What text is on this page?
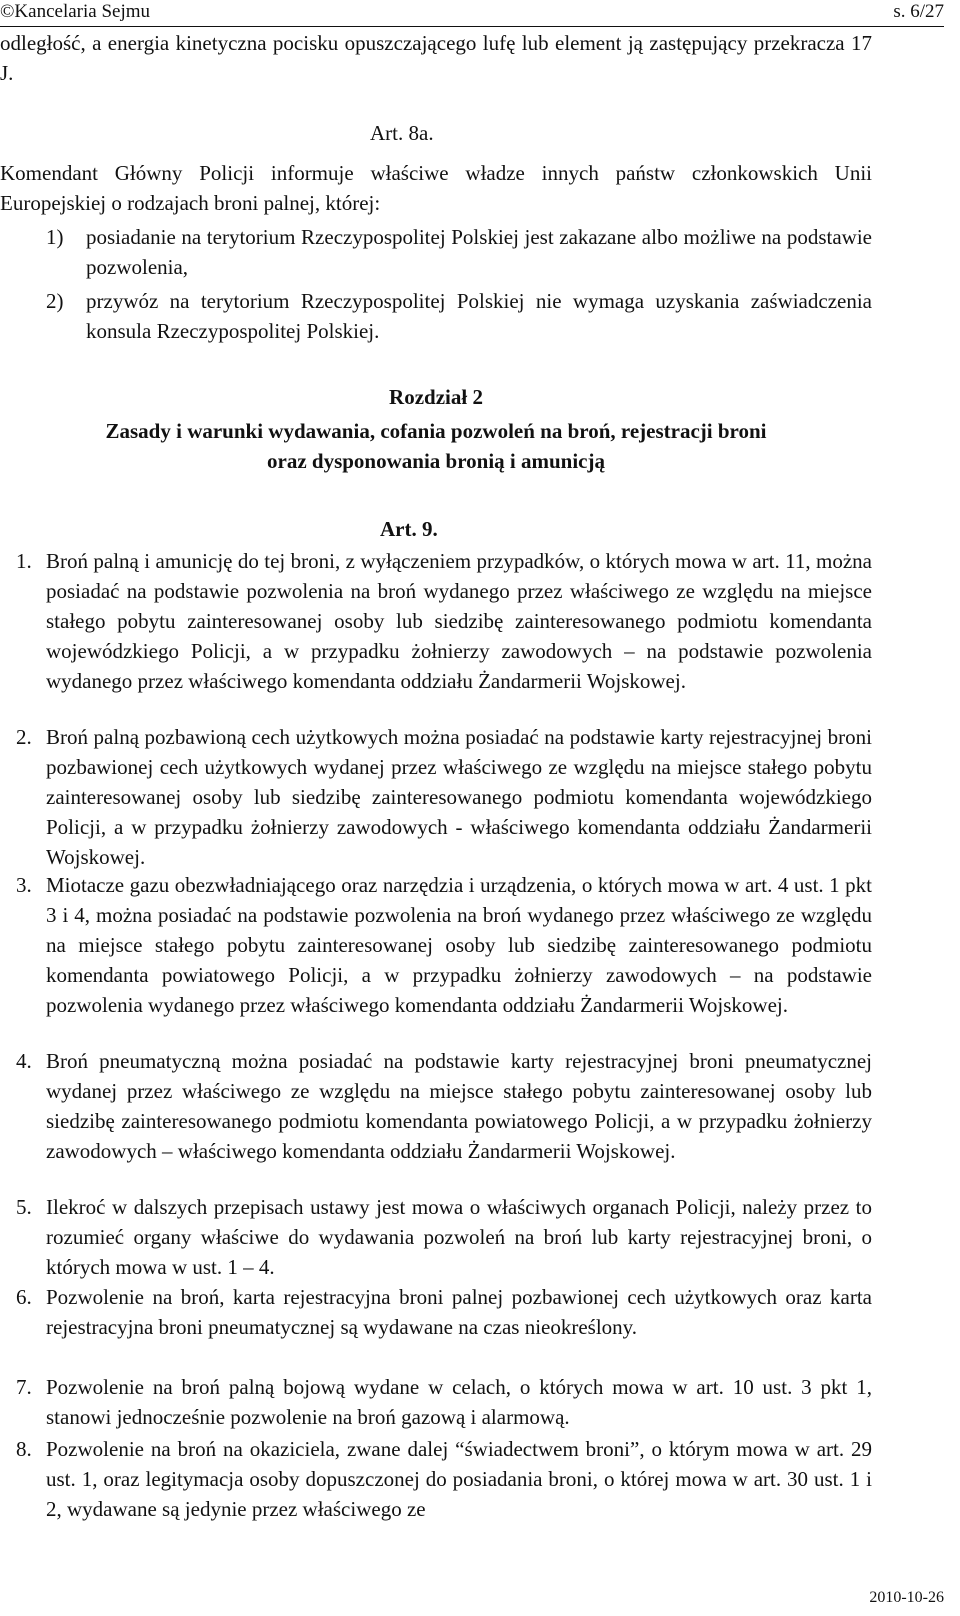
©Kancelaria Sejmu	s. 6/27
odległość, a energia kinetyczna pocisku opuszczającego lufę lub element ją zastępujący przekracza 17 J.
Art. 8a.
Komendant Główny Policji informuje właściwe władze innych państw członkowskich Unii Europejskiej o rodzajach broni palnej, której:
1) posiadanie na terytorium Rzeczypospolitej Polskiej jest zakazane albo możliwe na podstawie pozwolenia,
2) przywóz na terytorium Rzeczypospolitej Polskiej nie wymaga uzyskania zaświadczenia konsula Rzeczypospolitej Polskiej.
Rozdział 2
Zasady i warunki wydawania, cofania pozwoleń na broń, rejestracji broni
oraz dysponowania bronią i amunicją
Art. 9.
1. Broń palną i amunicję do tej broni, z wyłączeniem przypadków, o których mowa w art. 11, można posiadać na podstawie pozwolenia na broń wydanego przez właściwego ze względu na miejsce stałego pobytu zainteresowanej osoby lub siedzibę zainteresowanego podmiotu komendanta wojewódzkiego Policji, a w przypadku żołnierzy zawodowych – na podstawie pozwolenia wydanego przez właściwego komendanta oddziału Żandarmerii Wojskowej.
2. Broń palną pozbawioną cech użytkowych można posiadać na podstawie karty rejestracyjnej broni pozbawionej cech użytkowych wydanej przez właściwego ze względu na miejsce stałego pobytu zainteresowanej osoby lub siedzibę zainteresowanego podmiotu komendanta wojewódzkiego Policji, a w przypadku żołnierzy zawodowych - właściwego komendanta oddziału Żandarmerii Wojskowej.
3. Miotacze gazu obezwładniającego oraz narzędzia i urządzenia, o których mowa w art. 4 ust. 1 pkt 3 i 4, można posiadać na podstawie pozwolenia na broń wydanego przez właściwego ze względu na miejsce stałego pobytu zainteresowanej osoby lub siedzibę zainteresowanego podmiotu komendanta powiatowego Policji, a w przypadku żołnierzy zawodowych – na podstawie pozwolenia wydanego przez właściwego komendanta oddziału Żandarmerii Wojskowej.
4. Broń pneumatyczną można posiadać na podstawie karty rejestracyjnej broni pneumatycznej wydanej przez właściwego ze względu na miejsce stałego pobytu zainteresowanej osoby lub siedzibę zainteresowanego podmiotu komendanta powiatowego Policji, a w przypadku żołnierzy zawodowych – właściwego komendanta oddziału Żandarmerii Wojskowej.
5. Ilekroć w dalszych przepisach ustawy jest mowa o właściwych organach Policji, należy przez to rozumieć organy właściwe do wydawania pozwoleń na broń lub karty rejestracyjnej broni, o których mowa w ust. 1 – 4.
6. Pozwolenie na broń, karta rejestracyjna broni palnej pozbawionej cech użytkowych oraz karta rejestracyjna broni pneumatycznej są wydawane na czas nieokreślony.
7. Pozwolenie na broń palną bojową wydane w celach, o których mowa w art. 10 ust. 3 pkt 1, stanowi jednocześnie pozwolenie na broń gazową i alarmową.
8. Pozwolenie na broń na okaziciela, zwane dalej “świadectwem broni”, o którym mowa w art. 29 ust. 1, oraz legitymacja osoby dopuszczonej do posiadania broni, o której mowa w art. 30 ust. 1 i 2, wydawane są jedynie przez właściwego ze
2010-10-26
